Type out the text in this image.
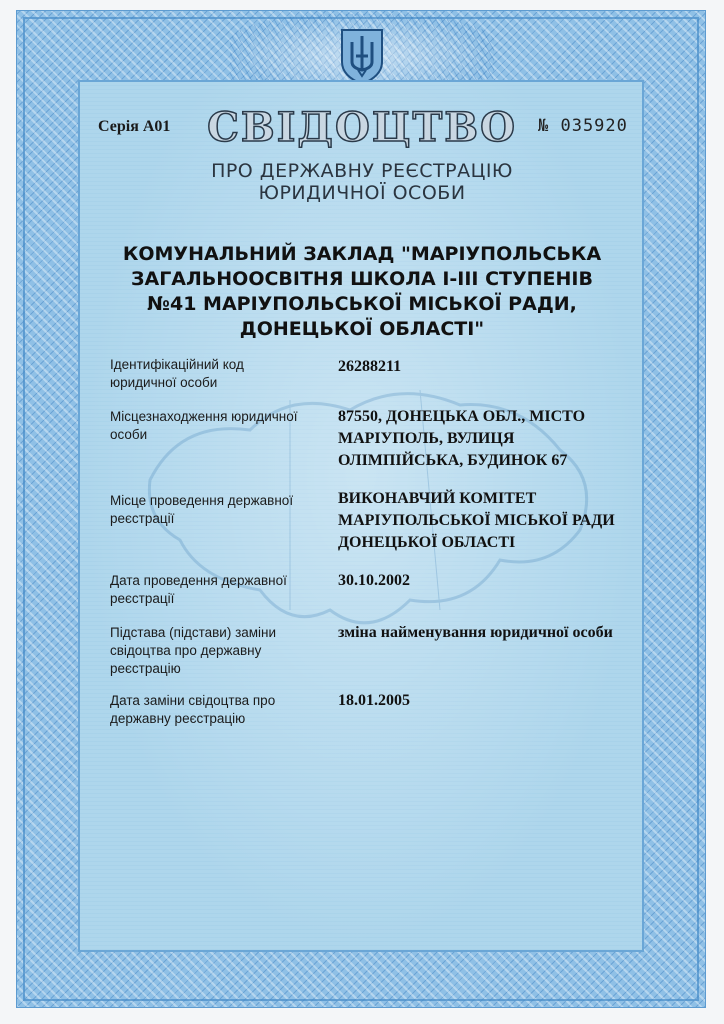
Серія А01	№ 035920
СВІДОЦТВО
ПРО ДЕРЖАВНУ РЕЄСТРАЦІЮ
ЮРИДИЧНОЇ ОСОБИ
КОМУНАЛЬНИЙ ЗАКЛАД "МАРІУПОЛЬСЬКА ЗАГАЛЬНООСВІТНЯ ШКОЛА І-ІІІ СТУПЕНІВ №41 МАРІУПОЛЬСЬКОЇ МІСЬКОЇ РАДИ, ДОНЕЦЬКОЇ ОБЛАСТІ"
Ідентифікаційний код юридичної особи
26288211
Місцезнаходження юридичної особи
87550, ДОНЕЦЬКА ОБЛ., МІСТО МАРІУПОЛЬ, ВУЛИЦЯ ОЛІМПІЙСЬКА, БУДИНОК 67
Місце проведення державної реєстрації
ВИКОНАВЧИЙ КОМІТЕТ МАРІУПОЛЬСЬКОЇ МІСЬКОЇ РАДИ ДОНЕЦЬКОЇ ОБЛАСТІ
Дата проведення державної реєстрації
30.10.2002
Підстава (підстави) заміни свідоцтва про державну реєстрацію
зміна найменування юридичної особи
Дата заміни свідоцтва про державну реєстрацію
18.01.2005
